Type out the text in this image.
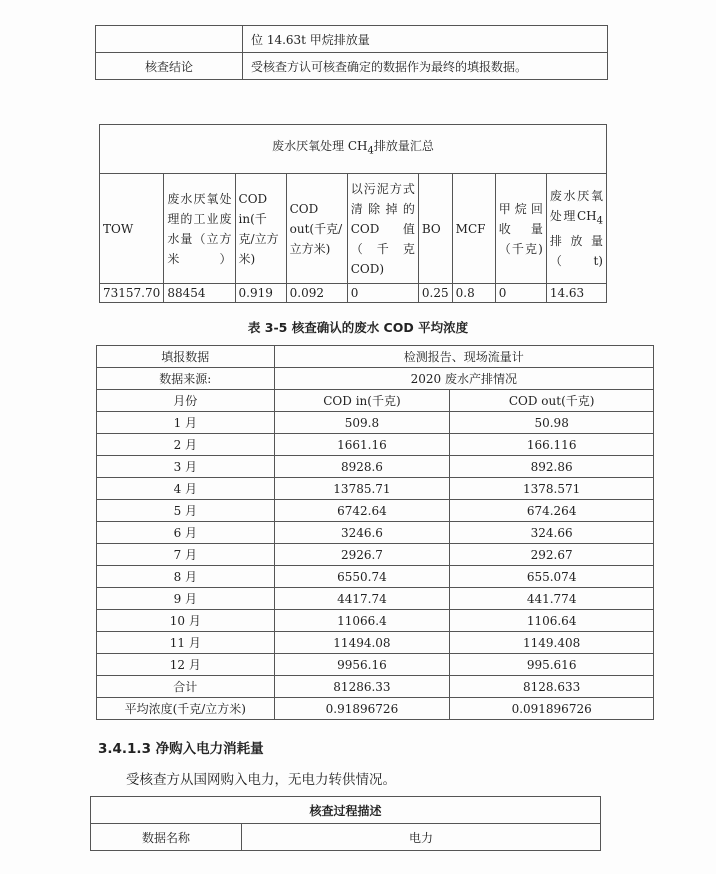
	位 14.63t 甲烷排放量
核查结论	受核查方认可核查确定的数据作为最终的填报数据。
废水厌氧处理 $CH_4$排放量汇总								
TOW	废水厌氧处理的工业废水量（立方米）	COD in(千克/立方米)	COD out(千克/立方米)	以污泥方式清除掉的COD值（千克COD)	BO	MCF	甲烷回收量（千克)	废水厌氧处理$CH_4$排放量（t)
73157.70	88454	0.919	0.092	0	0.25	0.8	0	14.63
表 3-5 核查确认的废水 COD 平均浓度
填报数据	检测报告、现场流量计	
数据来源:	2020 废水产排情况	
月份	COD in(千克)	COD out(千克)
1 月	509.8	50.98
2 月	1661.16	166.116
3 月	8928.6	892.86
4 月	13785.71	1378.571
5 月	6742.64	674.264
6 月	3246.6	324.66
7 月	2926.7	292.67
8 月	6550.74	655.074
9 月	4417.74	441.774
10 月	11066.4	1106.64
11 月	11494.08	1149.408
12 月	9956.16	995.616
合计	81286.33	8128.633
平均浓度(千克/立方米)	0.91896726	0.091896726
3.4.1.3 净购入电力消耗量
受核查方从国网购入电力，无电力转供情况。
核查过程描述
数据名称	电力
